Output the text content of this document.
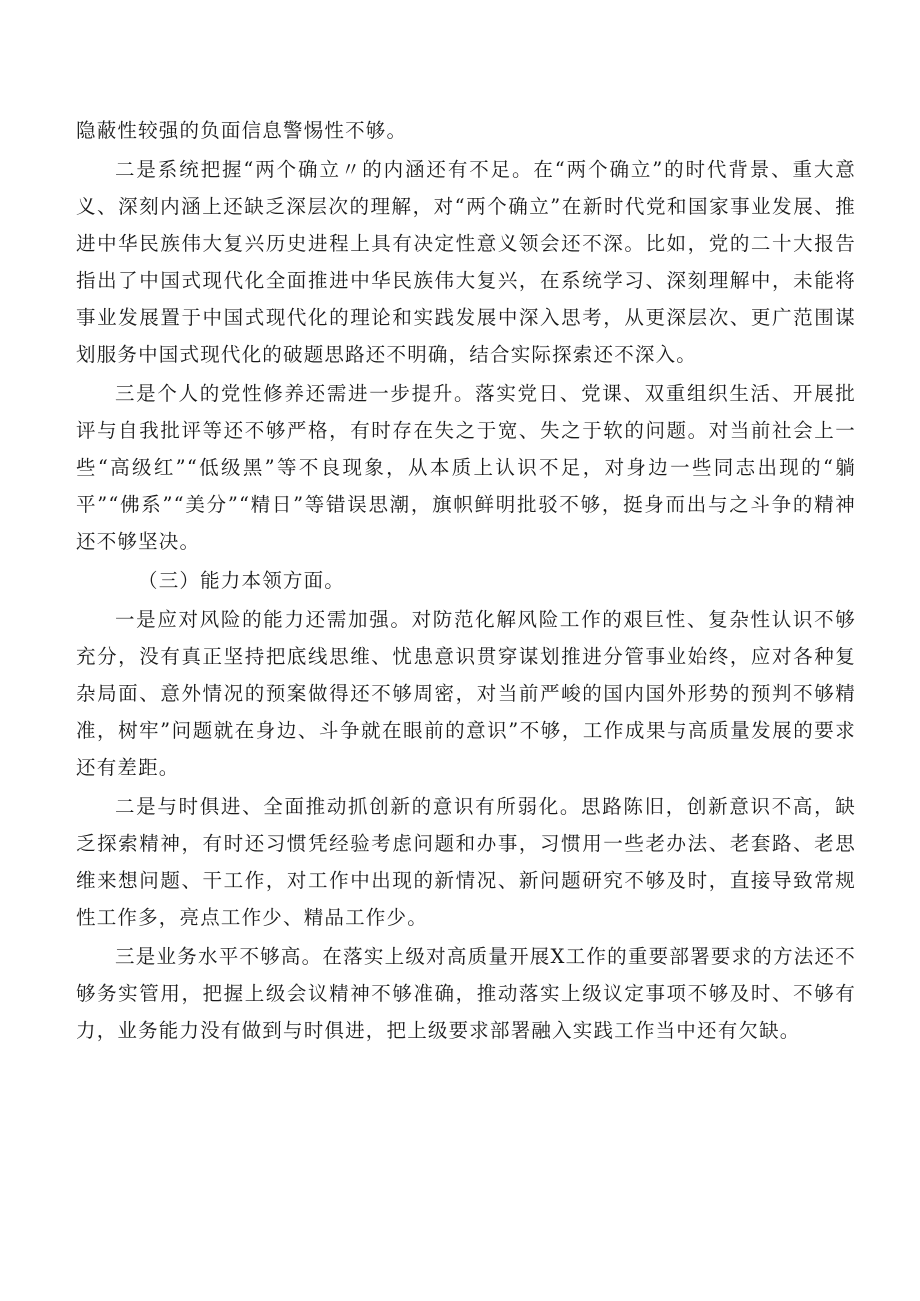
隐蔽性较强的负面信息警惕性不够。

二是系统把握“两个确立〃的内涵还有不足。在“两个确立”的时代背景、重大意义、深刻内涵上还缺乏深层次的理解，对“两个确立”在新时代党和国家事业发展、推进中华民族伟大复兴历史进程上具有决定性意义领会还不深。比如，党的二十大报告指出了中国式现代化全面推进中华民族伟大复兴，在系统学习、深刻理解中，未能将事业发展置于中国式现代化的理论和实践发展中深入思考，从更深层次、更广范围谋划服务中国式现代化的破题思路还不明确，结合实际探索还不深入。

三是个人的党性修养还需进一步提升。落实党日、党课、双重组织生活、开展批评与自我批评等还不够严格，有时存在失之于宽、失之于软的问题。对当前社会上一些“高级红”“低级黑”等不良现象，从本质上认识不足，对身边一些同志出现的“躺平”“佛系”“美分”“精日”等错误思潮，旗帜鲜明批驳不够，挺身而出与之斗争的精神还不够坚决。

（三）能力本领方面。

一是应对风险的能力还需加强。对防范化解风险工作的艰巨性、复杂性认识不够充分，没有真正坚持把底线思维、忧患意识贯穿谋划推进分管事业始终，应对各种复杂局面、意外情况的预案做得还不够周密，对当前严峻的国内国外形势的预判不够精准，树牢”问题就在身边、斗争就在眼前的意识”不够，工作成果与高质量发展的要求还有差距。

二是与时俱进、全面推动抓创新的意识有所弱化。思路陈旧，创新意识不高，缺乏探索精神，有时还习惯凭经验考虑问题和办事，习惯用一些老办法、老套路、老思维来想问题、干工作，对工作中出现的新情况、新问题研究不够及时，直接导致常规性工作多，亮点工作少、精品工作少。

三是业务水平不够高。在落实上级对高质量开展X工作的重要部署要求的方法还不够务实管用，把握上级会议精神不够准确，推动落实上级议定事项不够及时、不够有力，业务能力没有做到与时俱进，把上级要求部署融入实践工作当中还有欠缺。
